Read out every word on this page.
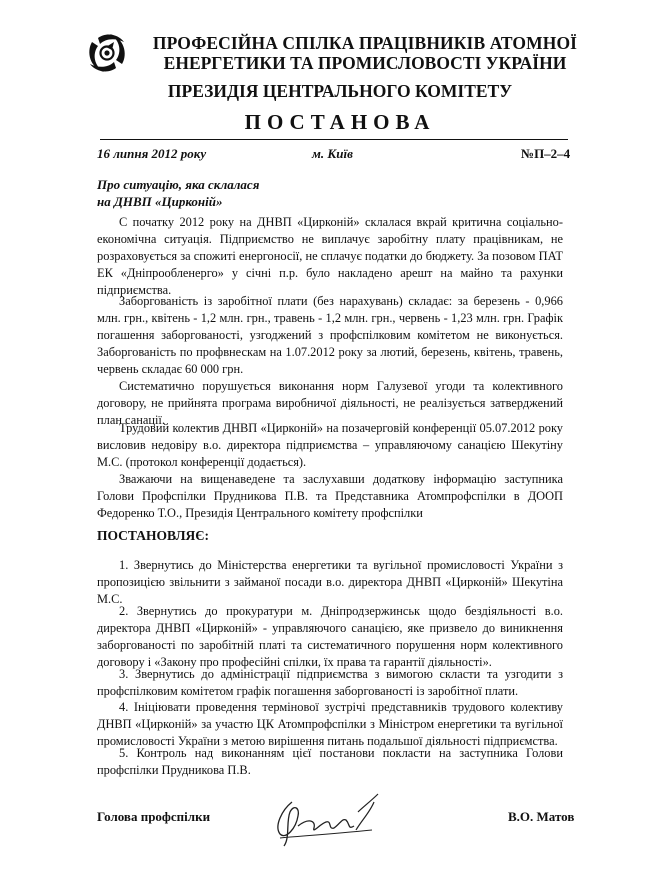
ПРОФЕСІЙНА СПІЛКА ПРАЦІВНИКІВ АТОМНОЇ
ЕНЕРГЕТИКИ ТА ПРОМИСЛОВОСТІ УКРАЇНИ
ПРЕЗИДІЯ ЦЕНТРАЛЬНОГО КОМІТЕТУ
ПОСТАНОВА
16 липня 2012 року	м. Київ	№П–2–4
Про ситуацію, яка склалася
на ДНВП «Цирконій»

С початку 2012 року на ДНВП «Цирконій» склалася вкрай критична соціально-економічна ситуація. Підприємство не виплачує заробітну плату працівникам, не розраховується за спожиті енергоносії, не сплачує податки до бюджету. За позовом ПАТ ЕК «Дніпрообленерго» у січні п.р. було накладено арешт на майно та рахунки підприємства.

Заборгованість із заробітної плати (без нарахувань) складає: за березень - 0,966 млн. грн., квітень - 1,2 млн. грн., травень - 1,2 млн. грн., червень - 1,23 млн. грн. Графік погашення заборгованості, узгоджений з профспілковим комітетом не виконується. Заборгованість по профвнескам на 1.07.2012 року за лютий, березень, квітень, травень, червень складає 60 000 грн.

Систематично порушується виконання норм Галузевої угоди та колективного договору, не прийнята програма виробничої діяльності, не реалізується затверджений план санації.

Трудовий колектив ДНВП «Цирконій» на позачерговій конференції 05.07.2012 року висловив недовіру в.о. директора підприємства – управляючому санацією Шекутіну М.С. (протокол конференції додається).

Зважаючи на вищенаведене та заслухавши додаткову інформацію заступника Голови Профспілки Прудникова П.В. та Представника Атомпрофспілки в ДООП Федоренко Т.О., Президія Центрального комітету профспілки

ПОСТАНОВЛЯЄ:

1. Звернутись до Міністерства енергетики та вугільної промисловості України з пропозицією звільнити з займаної посади в.о. директора ДНВП «Цирконій» Шекутіна М.С.

2. Звернутись до прокуратури м. Дніпродзержинськ щодо бездіяльності в.о. директора ДНВП «Цирконій» - управляючого санацією, яке призвело до виникнення заборгованості по заробітній платі та систематичного порушення норм колективного договору і «Закону про професійні спілки, їх права та гарантії діяльності».

3. Звернутись до адміністрації підприємства з вимогою скласти та узгодити з профспілковим комітетом графік погашення заборгованості із заробітної плати.

4. Ініціювати проведення термінової зустрічі представників трудового колективу ДНВП «Цирконій» за участю ЦК Атомпрофспілки з Міністром енергетики та вугільної промисловості України з метою вирішення питань подальшої діяльності підприємства.

5. Контроль над виконанням цієї постанови покласти на заступника Голови профспілки Прудникова П.В.

Голова профспілки	В.О. Матов
